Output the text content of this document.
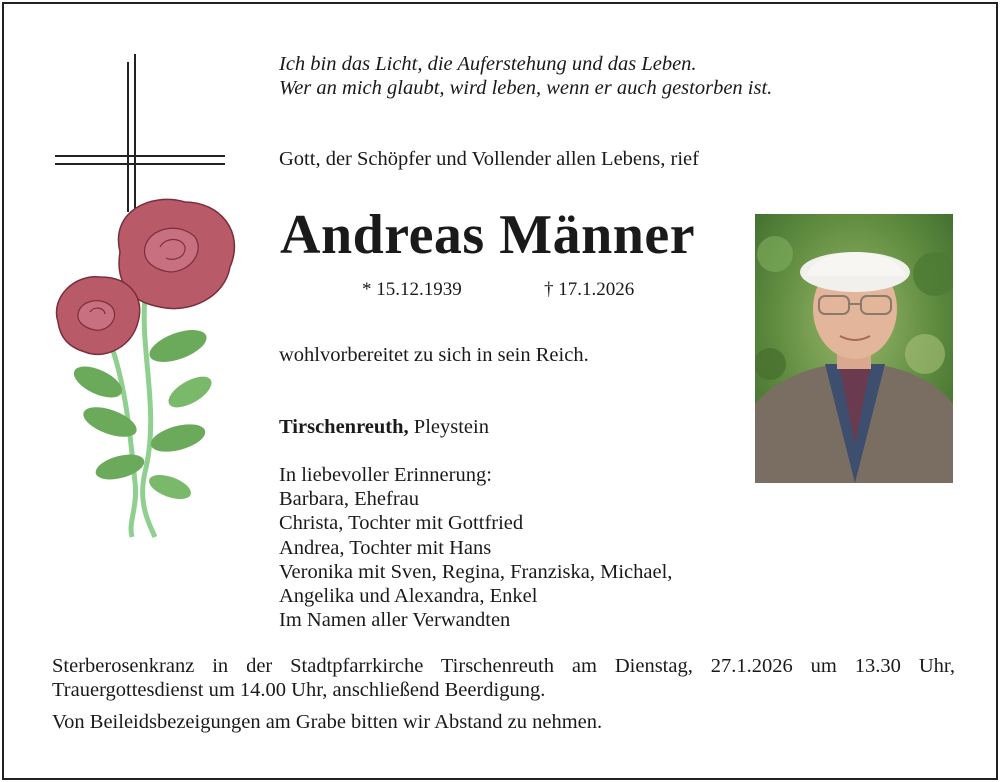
Ich bin das Licht, die Auferstehung und das Leben.
Wer an mich glaubt, wird leben, wenn er auch gestorben ist.
Gott, der Schöpfer und Vollender allen Lebens, rief
Andreas Männer
* 15.12.1939	† 17.1.2026
wohlvorbereitet zu sich in sein Reich.
Tirschenreuth, Pleystein
In liebevoller Erinnerung:
Barbara, Ehefrau
Christa, Tochter mit Gottfried
Andrea, Tochter mit Hans
Veronika mit Sven, Regina, Franziska, Michael,
Angelika und Alexandra, Enkel
Im Namen aller Verwandten
Sterberosenkranz in der Stadtpfarrkirche Tirschenreuth am Dienstag, 27.1.2026 um 13.30 Uhr,
Trauergottesdienst um 14.00 Uhr, anschließend Beerdigung.
Von Beileidsbezeigungen am Grabe bitten wir Abstand zu nehmen.
